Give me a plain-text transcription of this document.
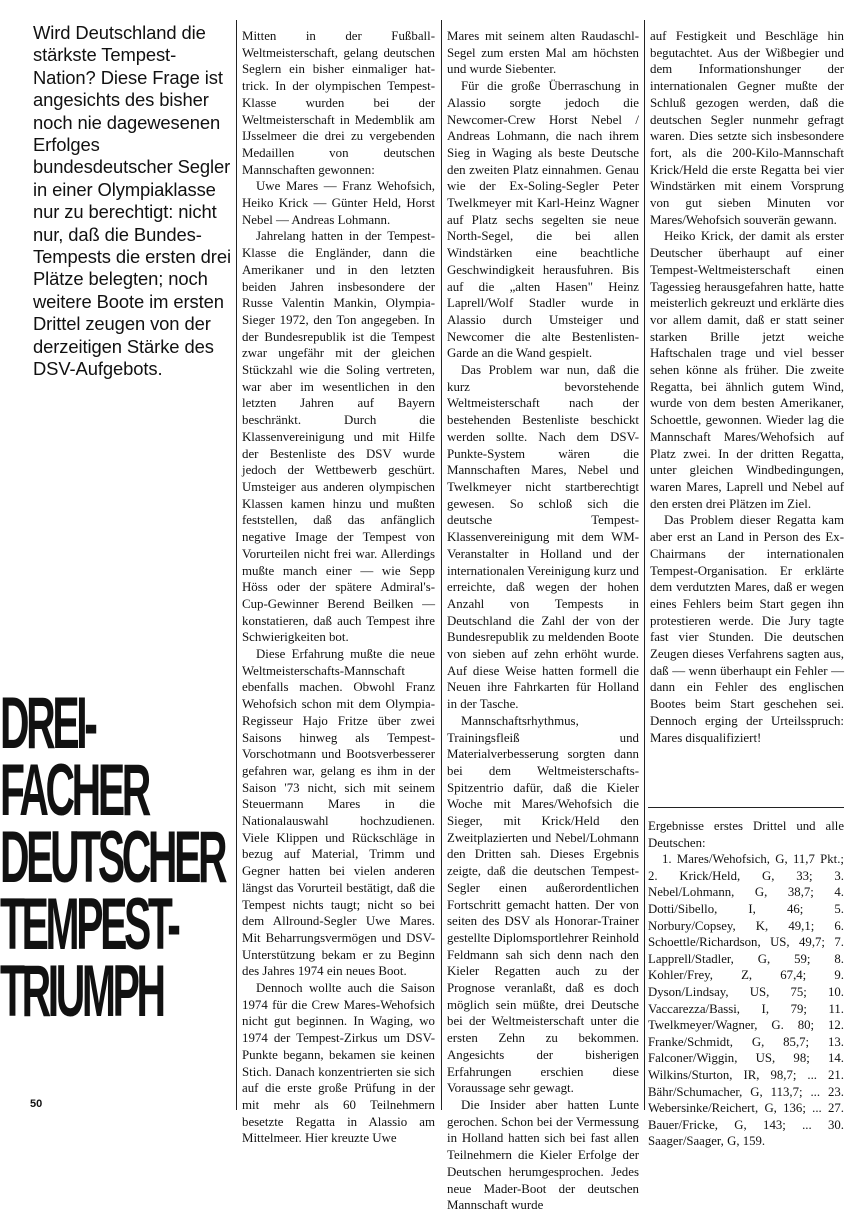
Wird Deutschland die stärkste Tempest-Nation? Diese Frage ist angesichts des bisher noch nie dagewesenen Erfolges bundesdeutscher Segler in einer Olympiaklasse nur zu berechtigt: nicht nur, daß die Bundes-Tempests die ersten drei Plätze belegten; noch weitere Boote im ersten Drittel zeugen von der derzeitigen Stärke des DSV-Aufgebots.

DREI-
FACHER
DEUTSCHER
TEMPEST-
TRIUMPH
50

Mitten in der Fußball-Weltmeisterschaft, gelang deutschen Seglern ein bisher einmaliger hat-trick. In der olympischen Tempest-Klasse wurden bei der Weltmeisterschaft in Medemblik am IJsselmeer die drei zu vergebenden Medaillen von deutschen Mannschaften gewonnen:

Uwe Mares — Franz Wehofsich, Heiko Krick — Günter Held, Horst Nebel — Andreas Lohmann.

Jahrelang hatten in der Tempest-Klasse die Engländer, dann die Amerikaner und in den letzten beiden Jahren insbesondere der Russe Valentin Mankin, Olympia-Sieger 1972, den Ton angegeben. In der Bundesrepublik ist die Tempest zwar ungefähr mit der gleichen Stückzahl wie die Soling vertreten, war aber im wesentlichen in den letzten Jahren auf Bayern beschränkt. Durch die Klassenvereinigung und mit Hilfe der Bestenliste des DSV wurde jedoch der Wettbewerb geschürt. Umsteiger aus anderen olympischen Klassen kamen hinzu und mußten feststellen, daß das anfänglich negative Image der Tempest von Vorurteilen nicht frei war. Allerdings mußte manch einer — wie Sepp Höss oder der spätere Admiral's-Cup-Gewinner Berend Beilken — konstatieren, daß auch Tempest ihre Schwierigkeiten bot.

Diese Erfahrung mußte die neue Weltmeisterschafts-Mannschaft ebenfalls machen. Obwohl Franz Wehofsich schon mit dem Olympia-Regisseur Hajo Fritze über zwei Saisons hinweg als Tempest-Vorschotmann und Bootsverbesserer gefahren war, gelang es ihm in der Saison '73 nicht, sich mit seinem Steuermann Mares in die Nationalauswahl hochzudienen. Viele Klippen und Rückschläge in bezug auf Material, Trimm und Gegner hatten bei vielen anderen längst das Vorurteil bestätigt, daß die Tempest nichts taugt; nicht so bei dem Allround-Segler Uwe Mares. Mit Beharrungsvermögen und DSV-Unterstützung bekam er zu Beginn des Jahres 1974 ein neues Boot.

Dennoch wollte auch die Saison 1974 für die Crew Mares-Wehofsich nicht gut beginnen. In Waging, wo 1974 der Tempest-Zirkus um DSV-Punkte begann, bekamen sie keinen Stich. Danach konzentrierten sie sich auf die erste große Prüfung in der mit mehr als 60 Teilnehmern besetzte Regatta in Alassio am Mittelmeer. Hier kreuzte Uwe

Mares mit seinem alten Raudaschl-Segel zum ersten Mal am höchsten und wurde Siebenter.

Für die große Überraschung in Alassio sorgte jedoch die Newcomer-Crew Horst Nebel / Andreas Lohmann, die nach ihrem Sieg in Waging als beste Deutsche den zweiten Platz einnahmen. Genau wie der Ex-Soling-Segler Peter Twelkmeyer mit Karl-Heinz Wagner auf Platz sechs segelten sie neue North-Segel, die bei allen Windstärken eine beachtliche Geschwindigkeit herausfuhren. Bis auf die „alten Hasen" Heinz Laprell/Wolf Stadler wurde in Alassio durch Umsteiger und Newcomer die alte Bestenlisten-Garde an die Wand gespielt.

Das Problem war nun, daß die kurz bevorstehende Weltmeisterschaft nach der bestehenden Bestenliste beschickt werden sollte. Nach dem DSV-Punkte-System wären die Mannschaften Mares, Nebel und Twelkmeyer nicht startberechtigt gewesen. So schloß sich die deutsche Tempest-Klassenvereinigung mit dem WM-Veranstalter in Holland und der internationalen Vereinigung kurz und erreichte, daß wegen der hohen Anzahl von Tempests in Deutschland die Zahl der von der Bundesrepublik zu meldenden Boote von sieben auf zehn erhöht wurde. Auf diese Weise hatten formell die Neuen ihre Fahrkarten für Holland in der Tasche.

Mannschaftsrhythmus, Trainingsfleiß und Materialverbesserung sorgten dann bei dem Weltmeisterschafts-Spitzentrio dafür, daß die Kieler Woche mit Mares/Wehofsich die Sieger, mit Krick/Held den Zweitplazierten und Nebel/Lohmann den Dritten sah. Dieses Ergebnis zeigte, daß die deutschen Tempest-Segler einen außerordentlichen Fortschritt gemacht hatten. Der von seiten des DSV als Honorar-Trainer gestellte Diplomsportlehrer Reinhold Feldmann sah sich denn nach den Kieler Regatten auch zu der Prognose veranlaßt, daß es doch möglich sein müßte, drei Deutsche bei der Weltmeisterschaft unter die ersten Zehn zu bekommen. Angesichts der bisherigen Erfahrungen erschien diese Voraussage sehr gewagt.

Die Insider aber hatten Lunte gerochen. Schon bei der Vermessung in Holland hatten sich bei fast allen Teilnehmern die Kieler Erfolge der Deutschen herumgesprochen. Jedes neue Mader-Boot der deutschen Mannschaft wurde

auf Festigkeit und Beschläge hin begutachtet. Aus der Wißbegier und dem Informationshunger der internationalen Gegner mußte der Schluß gezogen werden, daß die deutschen Segler nunmehr gefragt waren. Dies setzte sich insbesondere fort, als die 200-Kilo-Mannschaft Krick/Held die erste Regatta bei vier Windstärken mit einem Vorsprung von gut sieben Minuten vor Mares/Wehofsich souverän gewann.

Heiko Krick, der damit als erster Deutscher überhaupt auf einer Tempest-Weltmeisterschaft einen Tagessieg herausgefahren hatte, hatte meisterlich gekreuzt und erklärte dies vor allem damit, daß er statt seiner starken Brille jetzt weiche Haftschalen trage und viel besser sehen könne als früher. Die zweite Regatta, bei ähnlich gutem Wind, wurde von dem besten Amerikaner, Schoettle, gewonnen. Wieder lag die Mannschaft Mares/Wehofsich auf Platz zwei. In der dritten Regatta, unter gleichen Windbedingungen, waren Mares, Laprell und Nebel auf den ersten drei Plätzen im Ziel.

Das Problem dieser Regatta kam aber erst an Land in Person des Ex-Chairmans der internationalen Tempest-Organisation. Er erklärte dem verdutzten Mares, daß er wegen eines Fehlers beim Start gegen ihn protestieren werde. Die Jury tagte fast vier Stunden. Die deutschen Zeugen dieses Verfahrens sagten aus, daß — wenn überhaupt ein Fehler — dann ein Fehler des englischen Bootes beim Start geschehen sei. Dennoch erging der Urteilsspruch: Mares disqualifiziert!

Ergebnisse erstes Drittel und alle Deutschen:

1. Mares/Wehofsich, G, 11,7 Pkt.; 2. Krick/Held, G, 33; 3. Nebel/Lohmann, G, 38,7; 4. Dotti/Sibello, I, 46; 5. Norbury/Copsey, K, 49,1; 6. Schoettle/Richardson, US, 49,7; 7. Lapprell/Stadler, G, 59; 8. Kohler/Frey, Z, 67,4; 9. Dyson/Lindsay, US, 75; 10. Vaccarezza/Bassi, I, 79; 11. Twelkmeyer/Wagner, G. 80; 12. Franke/Schmidt, G, 85,7; 13. Falconer/Wiggin, US, 98; 14. Wilkins/Sturton, IR, 98,7; ... 21. Bähr/Schumacher, G, 113,7; ... 23. Webersinke/Reichert, G, 136; ... 27. Bauer/Fricke, G, 143; ... 30. Saager/Saager, G, 159.
